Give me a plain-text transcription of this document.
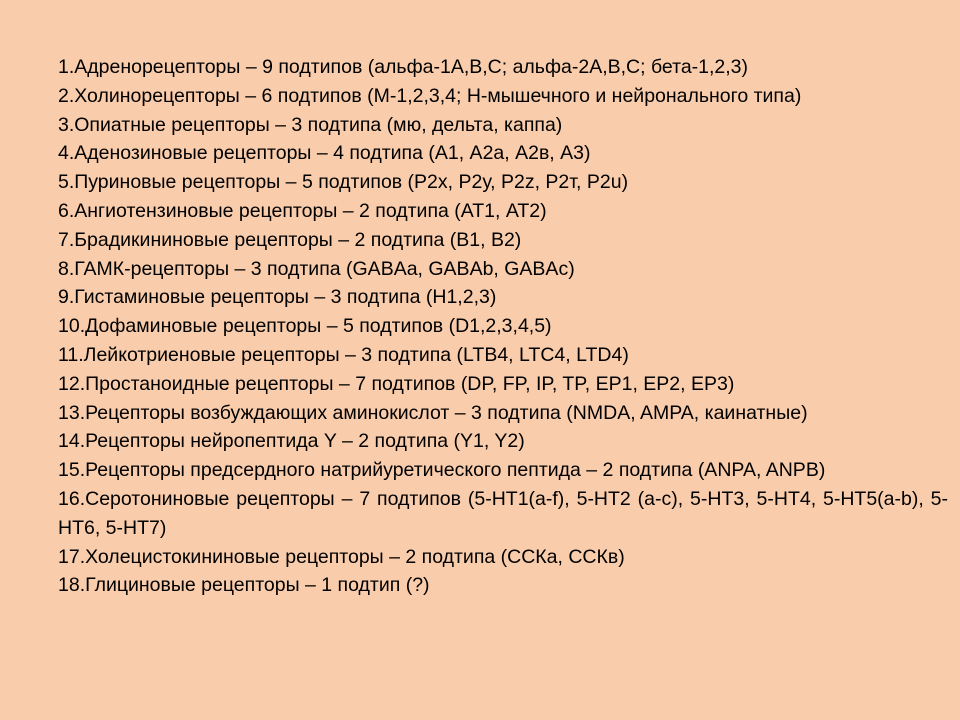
1.Адренорецепторы – 9 подтипов (альфа-1А,В,С; альфа-2А,В,С; бета-1,2,3)
2.Холинорецепторы – 6 подтипов (М-1,2,3,4; Н-мышечного и нейронального типа)
3.Опиатные рецепторы – 3 подтипа (мю, дельта, каппа)
4.Аденозиновые рецепторы – 4 подтипа (А1, А2а, А2в, А3)
5.Пуриновые рецепторы – 5 подтипов (Р2х, Р2у, Р2z, Р2т, Р2u)
6.Ангиотензиновые рецепторы – 2 подтипа (АТ1, АТ2)
7.Брадикининовые рецепторы – 2 подтипа (В1, В2)
8.ГАМК-рецепторы – 3 подтипа (GABAa, GABAb, GABAc)
9.Гистаминовые рецепторы – 3 подтипа (Н1,2,3)
10.Дофаминовые рецепторы – 5 подтипов (D1,2,3,4,5)
11.Лейкотриеновые рецепторы – 3 подтипа (LTB4, LTC4, LTD4)
12.Простаноидные рецепторы – 7 подтипов (DP, FP, IP, TP, EP1, EP2, EP3)
13.Рецепторы возбуждающих аминокислот – 3 подтипа (NMDA, AMPA, каинатные)
14.Рецепторы нейропептида Y – 2 подтипа (Y1, Y2)
15.Рецепторы предсердного натрийуретического пептида – 2 подтипа (ANPA, ANPB)
16.Серотониновые рецепторы – 7 подтипов (5-НТ1(a-f), 5-HT2 (a-c), 5-HT3, 5-HT4, 5-HT5(a-b), 5-HT6, 5-HT7)
17.Холецистокининовые рецепторы – 2 подтипа (ССКа, ССКв)
18.Глициновые рецепторы – 1 подтип (?)
